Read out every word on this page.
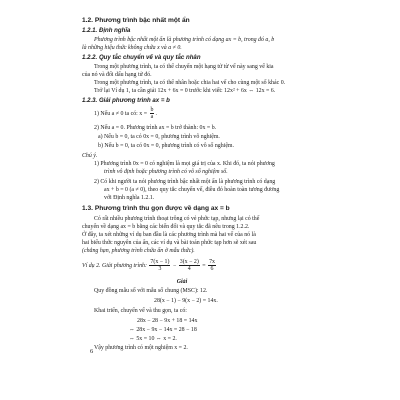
1.2. Phương trình bậc nhất một ẩn
1.2.1. Định nghĩa
Phương trình bậc nhất một ẩn là phương trình có dạng ax = b, trong đó a, b
là những hiệu thức không chứa x và a ≠ 0.
1.2.2. Quy tắc chuyển vế và quy tắc nhân
Trong một phương trình, ta có thể chuyển một hạng tử từ vế này sang vế kia
của nó và đổi dấu hạng tử đó.
Trong một phương trình, ta có thể nhân hoặc chia hai vế cho cùng một số khác 0.
Trở lại Ví dụ 1, ta cần giải 12x + 6x = 0 trước khi viết: 12x² + 6x ⇔ 12x = 6.
1.2.3. Giải phương trình ax = b
1) Nếu a ≠ 0 ta có: $x = \frac{b}{a}$ .
2) Nếu a = 0. Phương trình ax = b trở thành: 0x = b.
a) Nếu b = 0, ta có 0x = 0, phương trình vô nghiệm.
b) Nếu b = 0, ta có 0x = 0, phương trình có vô số nghiệm.
Chú ý.
1) Phương trình 0x = 0 có nghiệm là mọi giá trị của x. Khi đó, ta nói phương
trình vô định hoặc phương trình có vô số nghiệm số.
2) Có khi người ta nói phương trình bậc nhất một ẩn là phương trình có dạng
ax + b = 0 (a ≠ 0), theo quy tắc chuyển vế, điều đó hoàn toàn tương đương
với Định nghĩa 1.2.1.
1.3. Phương trình thu gọn được về dạng ax = b
Có rất nhiều phương trình thoạt trông có vẻ phức tạp, nhưng lại có thể
chuyển về dạng ax = b bằng các biến đổi và quy tắc đã nêu trong 1.2.2.
Ở đây, ta xét những ví dụ ban đầu là các phương trình mà hai vế của nó là
hai biểu thức nguyên của ẩn, các ví dụ và bài toán phức tạp hơn sẽ xét sau
(chẳng hạn, phương trình chứa ẩn ở mẫu thức).
Ví dụ 2. Giải phương trình: $\frac{7(x - 1)}{3} - \frac{3(x - 2)}{4} = \frac{7x}{6}$
Giải
Quy đồng mẫu số với mẫu số chung (MSC): 12.
28(x − 1) − 9(x − 2) = 14x.
Khai triển, chuyển vế và thu gọn, ta có:
28x − 28 − 9x + 18 = 14x
⇔ 28x − 9x − 14x = 28 − 18
⇔ 5x = 10 ⇔ x = 2.
Vậy phương trình có một nghiệm x = 2.
6
